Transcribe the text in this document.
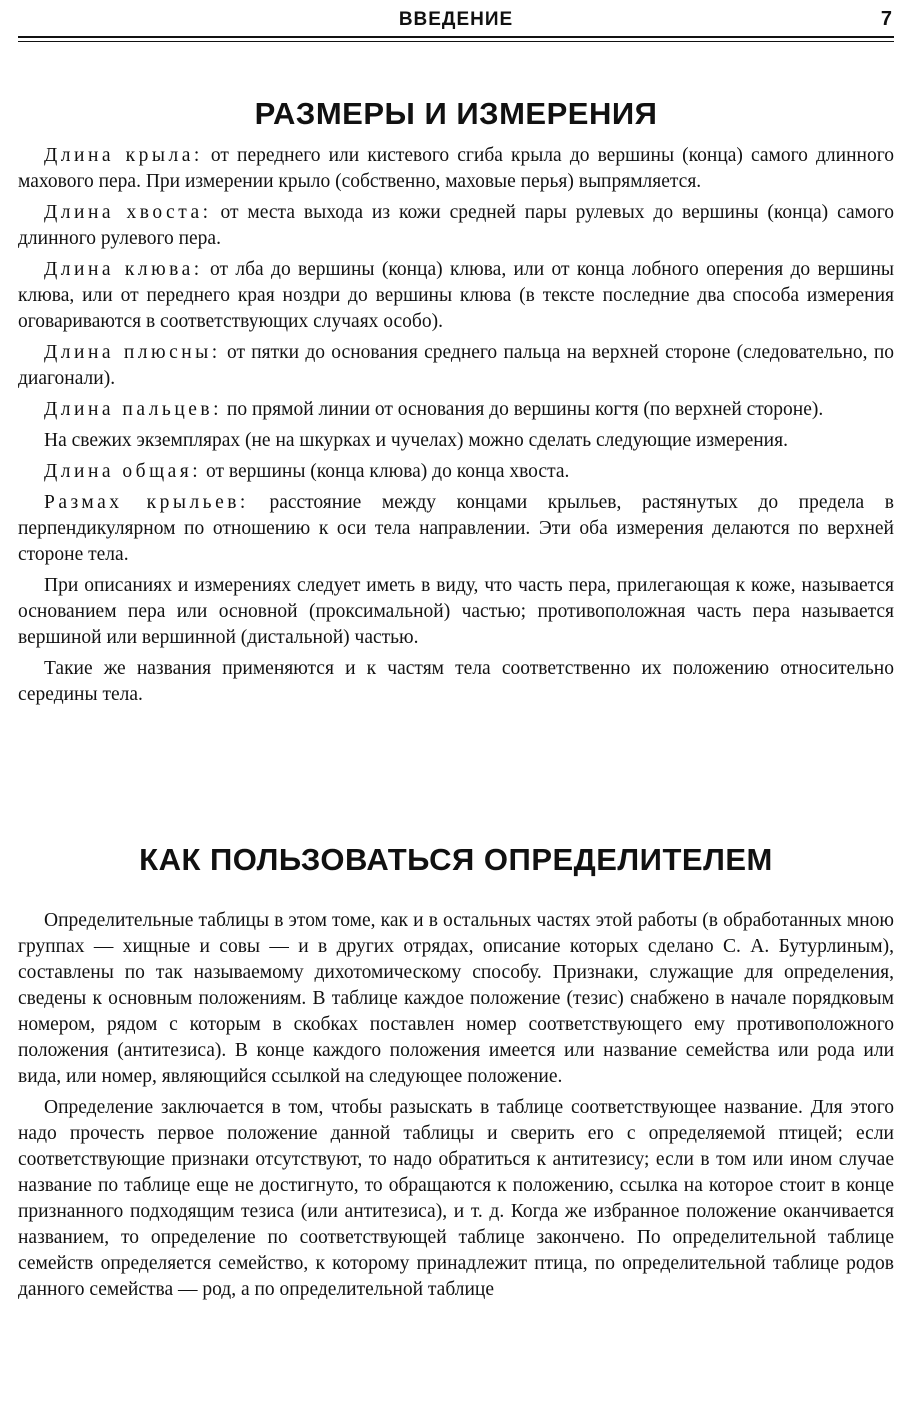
ВВЕДЕНИЕ	7
РАЗМЕРЫ И ИЗМЕРЕНИЯ

Длина крыла: от переднего или кистевого сгиба крыла до вершины (конца) самого длинного махового пера. При измерении крыло (собственно, маховые перья) выпрямляется.

Длина хвоста: от места выхода из кожи средней пары рулевых до вершины (конца) самого длинного рулевого пера.

Длина клюва: от лба до вершины (конца) клюва, или от конца лобного оперения до вершины клюва, или от переднего края ноздри до вершины клюва (в тексте последние два способа измерения оговариваются в соответствующих случаях особо).

Длина плюсны: от пятки до основания среднего пальца на верхней стороне (следовательно, по диагонали).

Длина пальцев: по прямой линии от основания до вершины когтя (по верхней стороне).

На свежих экземплярах (не на шкурках и чучелах) можно сделать следующие измерения.

Длина общая: от вершины (конца клюва) до конца хвоста.

Размах крыльев: расстояние между концами крыльев, растянутых до предела в перпендикулярном по отношению к оси тела направлении. Эти оба измерения делаются по верхней стороне тела.

При описаниях и измерениях следует иметь в виду, что часть пера, прилегающая к коже, называется основанием пера или основной (проксимальной) частью; противоположная часть пера называется вершиной или вершинной (дистальной) частью.

Такие же названия применяются и к частям тела соответственно их положению относительно середины тела.

КАК ПОЛЬЗОВАТЬСЯ ОПРЕДЕЛИТЕЛЕМ

Определительные таблицы в этом томе, как и в остальных частях этой работы (в обработанных мною группах — хищные и совы — и в других отрядах, описание которых сделано С. А. Бутурлиным), составлены по так называемому дихотомическому способу. Признаки, служащие для определения, сведены к основным положениям. В таблице каждое положение (тезис) снабжено в начале порядковым номером, рядом с которым в скобках поставлен номер соответствующего ему противоположного положения (антитезиса). В конце каждого положения имеется или название семейства или рода или вида, или номер, являющийся ссылкой на следующее положение.

Определение заключается в том, чтобы разыскать в таблице соответствующее название. Для этого надо прочесть первое положение данной таблицы и сверить его с определяемой птицей; если соответствующие признаки отсутствуют, то надо обратиться к антитезису; если в том или ином случае название по таблице еще не достигнуто, то обращаются к положению, ссылка на которое стоит в конце признанного подходящим тезиса (или антитезиса), и т. д. Когда же избранное положение оканчивается названием, то определение по соответствующей таблице закончено. По определительной таблице семейств определяется семейство, к которому принадлежит птица, по определительной таблице родов данного семейства — род, а по определительной таблице
